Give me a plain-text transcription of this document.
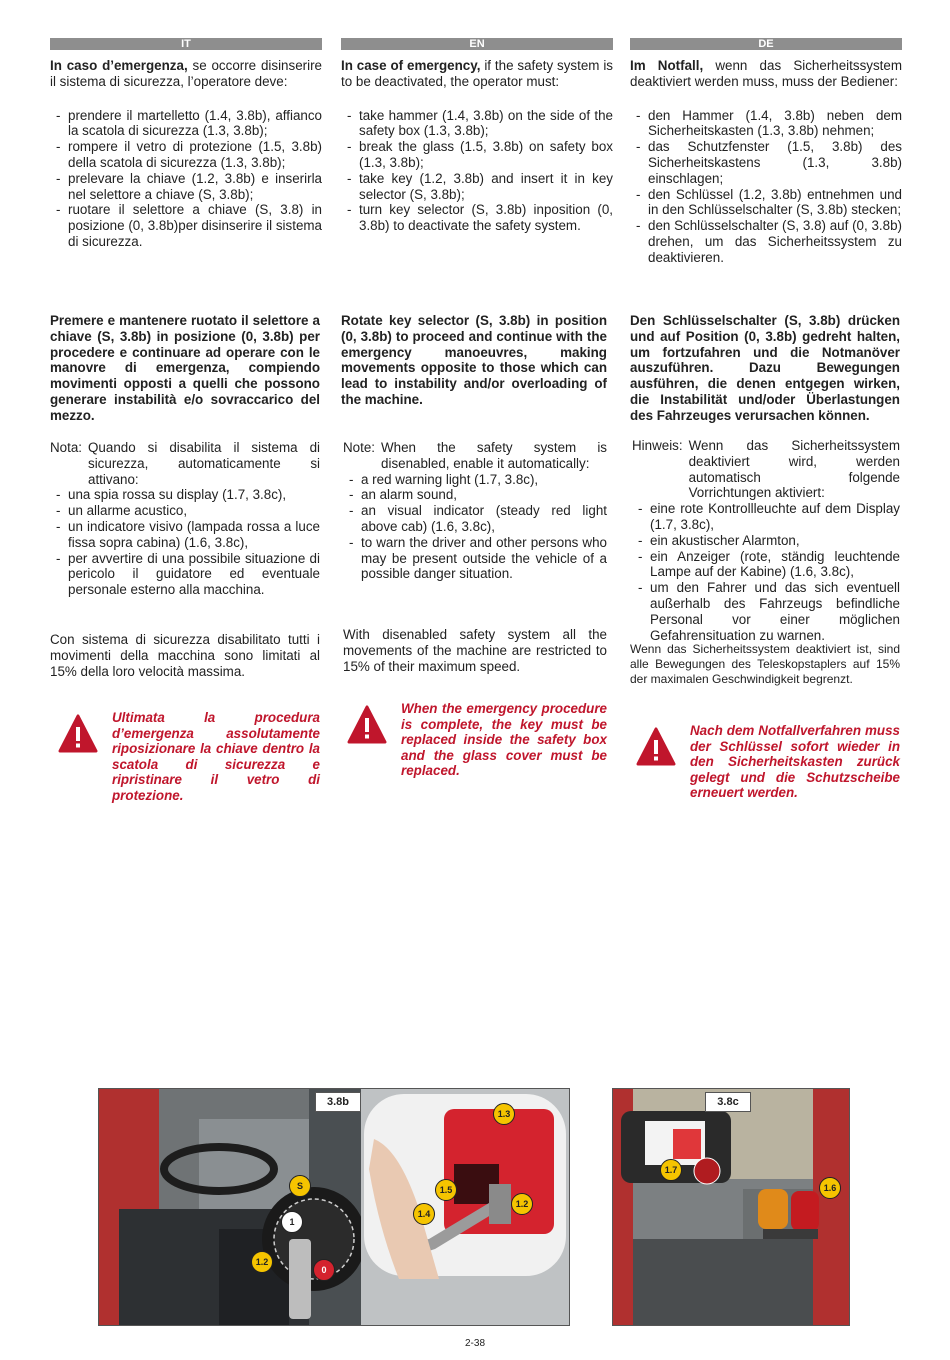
IT

In caso d’emergenza, se occorre disinserire il sistema di sicurezza, l’operatore deve:

- prendere il martelletto (1.4, 3.8b), affianco la scatola di sicurezza (1.3, 3.8b);
- rompere il vetro di protezione (1.5, 3.8b) della scatola di sicurezza (1.3, 3.8b);
- prelevare la chiave (1.2, 3.8b) e inserirla nel selettore a chiave (S, 3.8b);
- ruotare il selettore a chiave (S, 3.8) in posizione (0, 3.8b)per disinserire il sistema di sicurezza.
EN

In case of emergency, if the safety system is to be deactivated, the operator must:

- take hammer (1.4, 3.8b) on the side of the safety box (1.3, 3.8b);
- break the glass (1.5, 3.8b) on safety box (1.3, 3.8b);
- take key (1.2, 3.8b) and insert it in key selector (S, 3.8b);
- turn key selector (S, 3.8b) inposition (0, 3.8b) to deactivate the safety system.
DE

Im Notfall, wenn das Sicherheitssystem deaktiviert werden muss, muss der Bediener:

- den Hammer (1.4, 3.8b) neben dem Sicherheitskasten (1.3, 3.8b) nehmen;
- das Schutzfenster (1.5, 3.8b) des Sicherheitskastens (1.3, 3.8b) einschlagen;
- den Schlüssel (1.2, 3.8b) entnehmen und in den Schlüsselschalter (S, 3.8b) stecken;
- den Schlüsselschalter (S, 3.8) auf (0, 3.8b) drehen, um das Sicherheitssystem zu deaktivieren.

Premere e mantenere ruotato il selettore a chiave (S, 3.8b) in posizione (0, 3.8b) per procedere e continuare ad operare con le manovre di emergenza, compiendo movimenti opposti a quelli che possono generare instabilità e/o sovraccarico del mezzo.

Rotate key selector (S, 3.8b) in position (0, 3.8b) to proceed and continue with the emergency manoeuvres, making movements opposite to those which can lead to instability and/or overloading of the machine.

Den Schlüsselschalter (S, 3.8b) drücken und auf Position (0, 3.8b) gedreht halten, um fortzufahren und die Notmanöver auszuführen. Dazu Bewegungen ausführen, die denen entgegen wirken, die Instabilität und/oder Überlastungen des Fahrzeuges verursachen können.

Nota: Quando si disabilita il sistema di sicurezza, automaticamente si attivano:

- una spia rossa su display (1.7, 3.8c),
- un allarme acustico,
- un indicatore visivo (lampada rossa a luce fissa sopra cabina) (1.6, 3.8c),
- per avvertire di una possibile situazione di pericolo il guidatore ed eventuale personale esterno alla macchina.
Note: When the safety system is disenabled, enable it automatically:

- a red warning light (1.7, 3.8c),
- an alarm sound,
- an visual indicator (steady red light above cab) (1.6, 3.8c),
- to warn the driver and other persons who may be present outside the vehicle of a possible danger situation.
Hinweis: Wenn das Sicherheitssystem deaktiviert wird, werden automatisch folgende Vorrichtungen aktiviert:

- eine rote Kontrollleuchte auf dem Display (1.7, 3.8c),
- ein akustischer Alarmton,
- ein Anzeiger (rote, ständig leuchtende Lampe auf der Kabine) (1.6, 3.8c),
- um den Fahrer und das sich eventuell außerhalb des Fahrzeugs befindliche Personal vor einer möglichen Gefahrensituation zu warnen.

Con sistema di sicurezza disabilitato tutti i movimenti della macchina sono limitati al 15% della loro velocità massima.

With disenabled safety system all the movements of the machine are restricted to 15% of their maximum speed.

Wenn das Sicherheitssystem deaktiviert ist, sind alle Bewegungen des Teleskopstaplers auf 15% der maximalen Geschwindigkeit begrenzt.

Ultimata la procedura d’emergenza assolutamente riposizionare la chiave dentro la scatola di sicurezza e ripristinare il vetro di protezione.

When the emergency procedure is complete, the key must be replaced inside the safety box and the glass cover must be replaced.

Nach dem Notfallverfahren muss der Schlüssel sofort wieder in den Sicherheitskasten zurück gelegt und die Schutzscheibe erneuert werden.

3.8b
S
1
1.2
0
1.3
1.5
1.4
1.2
3.8c
1.7
1.6
2-38
